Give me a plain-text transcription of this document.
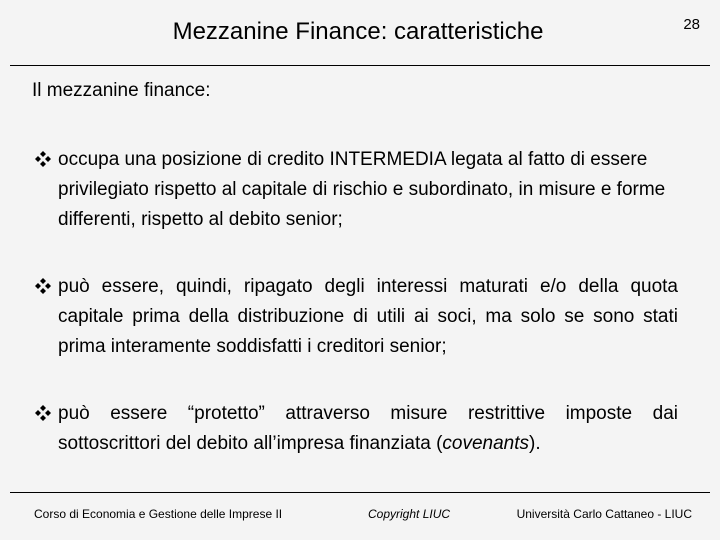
Mezzanine Finance: caratteristiche	28
Il mezzanine finance:
occupa una posizione di credito INTERMEDIA legata al fatto di essere privilegiato rispetto al capitale di rischio e subordinato, in misure e forme differenti, rispetto al debito senior;
può essere, quindi, ripagato degli interessi maturati e/o della quota capitale prima della distribuzione di utili ai soci, ma solo se sono stati prima interamente soddisfatti i creditori senior;
può essere “protetto” attraverso misure restrittive imposte dai sottoscrittori del debito all’impresa finanziata (covenants).
Corso di Economia e Gestione delle Imprese II	Copyright LIUC	Università Carlo Cattaneo - LIUC
